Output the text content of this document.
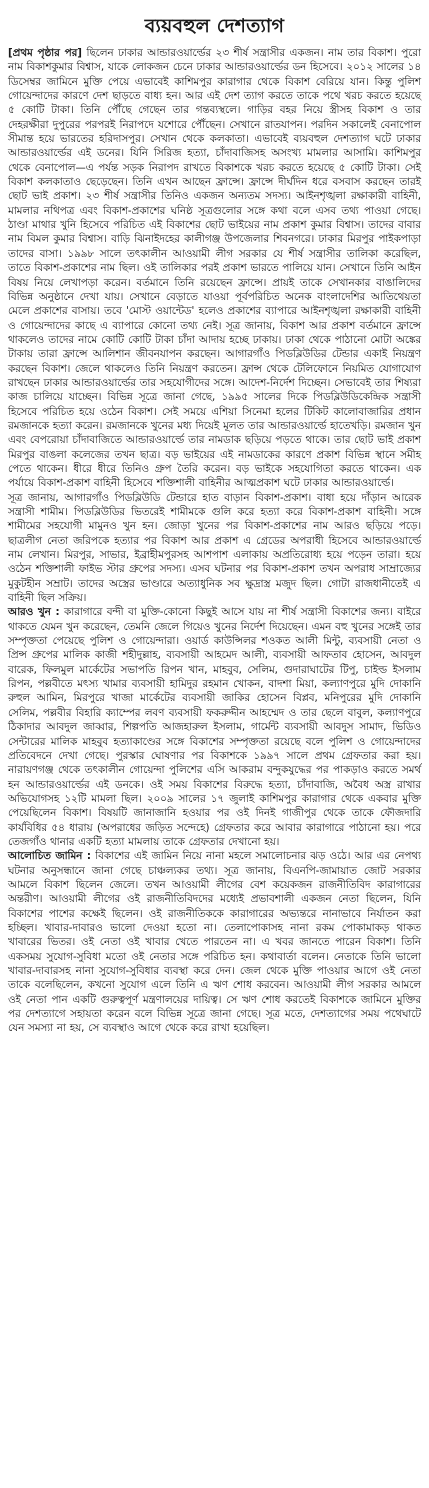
ব্যয়বহুল দেশত্যাগ

[প্রথম পৃষ্ঠার পর] ছিলেন ঢাকার আন্ডারওয়ার্ল্ডের ২৩ শীর্ষ সন্ত্রাসীর একজন। নাম তার বিকাশ। পুরো নাম বিকাশকুমার বিশ্বাস, যাকে লোকজন চেনে ঢাকার আন্ডারওয়ার্ল্ডের ডন হিসেবে। ২০১২ সালের ১৪ ডিসেম্বর জামিনে মুক্তি পেয়ে এভাবেই কাশিমপুর কারাগার থেকে বিকাশ বেরিয়ে যান। কিন্তু পুলিশ গোয়েন্দাদের কারণে দেশ ছাড়তে বাধ্য হন। আর এই দেশ ত্যাগ করতে তাকে পথে খরচ করতে হয়েছে ৫ কোটি টাকা। তিনি পৌঁছে গেছেন তার গন্তব্যস্থলে। গাড়ির বহর নিয়ে স্ত্রীসহ বিকাশ ও তার দেহরক্ষীরা দুপুরের পরপরই নিরাপদে যশোরে পৌঁছেন। সেখানে রাতযাপন। পরদিন সকালেই বেনাপোল সীমান্ত হয়ে ভারতের হরিদাসপুর। সেখান থেকে কলকাতা। এভাবেই ব্যয়বহুল দেশত্যাগ ঘটে ঢাকার আন্ডারওয়ার্ল্ডের এই ডনের। যিনি সিরিজ হত্যা, চাঁদাবাজিসহ অসংখ্য মামলার আসামি। কাশিমপুর থেকে বেনাপোল—এ পর্যন্ত সড়ক নিরাপদ রাখতে বিকাশকে খরচ করতে হয়েছে ৫ কোটি টাকা। সেই বিকাশ কলকাতাও ছেড়েছেন। তিনি এখন আছেন ফ্রান্সে। ফ্রান্সে দীর্ঘদিন ধরে বসবাস করছেন তারই ছোট ভাই প্রকাশ। ২৩ শীর্ষ সন্ত্রাসীর তিনিও একজন অন্যতম সদস্য। আইনশৃঙ্খলা রক্ষাকারী বাহিনী, মামলার নথিপত্র এবং বিকাশ-প্রকাশের ঘনিষ্ঠ সূত্রগুলোর সঙ্গে কথা বলে এসব তথ্য পাওয়া গেছে। ঠাণ্ডা মাথার খুনি হিসেবে পরিচিত এই বিকাশের ছোট ভাইয়ের নাম প্রকাশ কুমার বিশ্বাস। তাদের বাবার নাম বিমল কুমার বিশ্বাস। বাড়ি ঝিনাইদহের কালীগঞ্জ উপজেলার শিবনগরে। ঢাকার মিরপুর পাইকপাড়া তাদের বাসা। ১৯৯৮ সালে তৎকালীন আওয়ামী লীগ সরকার যে শীর্ষ সন্ত্রাসীর তালিকা করেছিল, তাতে বিকাশ-প্রকাশের নাম ছিল। ওই তালিকার পরই প্রকাশ ভারতে পালিয়ে যান। সেখানে তিনি আইন বিষয় নিয়ে লেখাপড়া করেন। বর্তমানে তিনি রয়েছেন ফ্রান্সে। প্রায়ই তাকে সেখানকার বাঙালিদের বিভিন্ন অনুষ্ঠানে দেখা যায়। সেখানে বেড়াতে যাওয়া পূর্বপরিচিত অনেক বাংলাদেশির আতিথেয়তা মেলে প্রকাশের বাসায়। তবে 'মোস্ট ওয়ান্টেড' হলেও প্রকাশের ব্যাপারে আইনশৃঙ্খলা রক্ষাকারী বাহিনী ও গোয়েন্দাদের কাছে এ ব্যাপারে কোনো তথ্য নেই। সূত্র জানায়, বিকাশ আর প্রকাশ বর্তমানে ফ্রান্সে থাকলেও তাদের নামে কোটি কোটি টাকা চাঁদা আদায় হচ্ছে ঢাকায়। ঢাকা থেকে পাঠানো মোটা অঙ্কের টাকায় তারা ফ্রান্সে আলিশান জীবনযাপন করছেন। আগারগাঁও পিডব্লিউডির টেন্ডার একাই নিয়ন্ত্রণ করছেন বিকাশ। জেলে থাকলেও তিনি নিয়ন্ত্রণ করতেন। ফ্রান্স থেকে টেলিফোনে নিয়মিত যোগাযোগ রাখছেন ঢাকার আন্ডারওয়ার্ল্ডের তার সহযোগীদের সঙ্গে। আদেশ-নির্দেশ দিচ্ছেন। সেভাবেই তার শিষ্যরা কাজ চালিয়ে যাচ্ছেন। বিভিন্ন সূত্রে জানা গেছে, ১৯৯৫ সালের দিকে পিডব্লিউডিকেন্দ্রিক সন্ত্রাসী হিসেবে পরিচিত হয়ে ওঠেন বিকাশ। সেই সময়ে এশিয়া সিনেমা হলের টিকিট কালোবাজারির প্রধান রমজানকে হত্যা করেন। রমজানকে খুনের মধ্য দিয়েই মূলত তার আন্ডারওয়ার্ল্ডে হাতেখড়ি। রমজান খুন এবং বেপরোয়া চাঁদাবাজিতে আন্ডারওয়ার্ল্ডে তার নামডাক ছড়িয়ে পড়তে থাকে। তার ছোট ভাই প্রকাশ মিরপুর বাঙলা কলেজের তখন ছাত্র। বড় ভাইয়ের এই নামডাকের কারণে প্রকাশ বিভিন্ন স্থানে সমীহ পেতে থাকেন। ধীরে ধীরে তিনিও গ্রুপ তৈরি করেন। বড় ভাইকে সহযোগিতা করতে থাকেন। এক পর্যায়ে বিকাশ-প্রকাশ বাহিনী হিসেবে শক্তিশালী বাহিনীর আত্মপ্রকাশ ঘটে ঢাকার আন্ডারওয়ার্ল্ডে।

সূত্র জানায়, আগারগাঁও পিডব্লিউডি টেন্ডারে হাত বাড়ান বিকাশ-প্রকাশ। বাধা হয়ে দাঁড়ান আরেক সন্ত্রাসী শামীম। পিডব্লিউডির ভিতরেই শামীমকে গুলি করে হত্যা করে বিকাশ-প্রকাশ বাহিনী। সঙ্গে শামীমের সহযোগী মামুনও খুন হন। জোড়া খুনের পর বিকাশ-প্রকাশের নাম আরও ছড়িয়ে পড়ে। ছাত্রলীগ নেতা জরিপকে হত্যার পর বিকাশ আর প্রকাশ এ গ্রেডের অপরাধী হিসেবে আন্ডারওয়ার্ল্ডে নাম লেখান। মিরপুর, সাভার, ইব্রাহীমপুরসহ আশপাশ এলাকায় অপ্রতিরোধ্য হয়ে পড়েন তারা। হয়ে ওঠেন শক্তিশালী ফাইভ স্টার গ্রুপের সদস্য। এসব ঘটনার পর বিকাশ-প্রকাশ তখন অপরাধ সাম্রাজ্যের মুকুটহীন সম্রাট। তাদের অস্ত্রের ভাণ্ডারে অত্যাধুনিক সব ক্ষুদ্রাস্ত্র মজুদ ছিল। গোটা রাজধানীতেই এ বাহিনী ছিল সক্রিয়।

আরও খুন : কারাগারে বন্দী বা মুক্তি-কোনো কিছুই আসে যায় না শীর্ষ সন্ত্রাসী বিকাশের জন্য। বাইরে থাকতে যেমন খুন করেছেন, তেমনি জেলে গিয়েও খুনের নির্দেশ দিয়েছেন। এমন বহু খুনের সঙ্গেই তার সম্পৃক্ততা পেয়েছে পুলিশ ও গোয়েন্দারা। ওয়ার্ড কাউন্সিলর শওকত আলী মিন্টু, ব্যবসায়ী নেতা ও প্রিন্স গ্রুপের মালিক কাজী শহীদুল্লাহ, ব্যবসায়ী আহমেদ আলী, ব্যবসায়ী আফতাব হোসেন, আবদুল বারেক, ফিলমুল মার্কেটের সভাপতি রিপন খান, মাহবুব, সেলিম, গুদারাঘাটের টিপু, চাইল্ড ইসলাম রিপন, পল্লবীতে মৎস্য খামার ব্যবসায়ী হামিদুর রহমান খোকন, বাদশা মিয়া, কল্যাণপুরে মুদি দোকানি রুহুল আমিন, মিরপুরে খাজা মার্কেটের ব্যবসায়ী জাকির হোসেন বিপ্লব, মনিপুরের মুদি দোকানি সেলিম, পল্লবীর বিহারি ক্যাম্পের লবণ ব্যবসায়ী ফকরুদ্দীন আহম্মেদ ও তার ছেলে বাবুল, কল্যাণপুরে ঠিকাদার আবদুল জাব্বার, শিল্পপতি আজহারুল ইসলাম, গার্মেন্ট ব্যবসায়ী আবদুস সামাদ, ভিডিও সেন্টারের মালিক মাহবুব হত্যাকাণ্ডের সঙ্গে বিকাশের সম্পৃক্ততা রয়েছে বলে পুলিশ ও গোয়েন্দাদের প্রতিবেদনে দেখা গেছে। পুরস্কার ঘোষণার পর বিকাশকে ১৯৯৭ সালে প্রথম গ্রেফতার করা হয়। নারায়ণগঞ্জ থেকে তৎকালীন গোয়েন্দা পুলিশের এসি আকরাম বন্দুকযুদ্ধের পর পাকড়াও করতে সমর্থ হন আন্ডারওয়ার্ল্ডের এই ডনকে। ওই সময় বিকাশের বিরুদ্ধে হত্যা, চাঁদাবাজি, অবৈধ অস্ত্র রাখার অভিযোগসহ ১২টি মামলা ছিল। ২০০৯ সালের ১৭ জুলাই কাশিমপুর কারাগার থেকে একবার মুক্তি পেয়েছিলেন বিকাশ। বিষয়টি জানাজানি হওয়ার পর ওই দিনই গাজীপুর থেকে তাকে ফৌজদারি কার্যবিধির ৫৪ ধারায় (অপরাধের জড়িত সন্দেহে) গ্রেফতার করে আবার কারাগারে পাঠানো হয়। পরে তেজগাঁও থানার একটি হত্যা মামলায় তাকে গ্রেফতার দেখানো হয়।

আলোচিত জামিন : বিকাশের এই জামিন নিয়ে নানা মহলে সমালোচনার ঝড় ওঠে। আর এর নেপথ্য ঘটনার অনুসন্ধানে জানা গেছে চাঞ্চল্যকর তথ্য। সূত্র জানায়, বিএনপি-জামায়াত জোট সরকার আমলে বিকাশ ছিলেন জেলে। তখন আওয়ামী লীগের বেশ কয়েকজন রাজনীতিবিদ কারাগারের অন্তরীণ। আওয়ামী লীগের ওই রাজনীতিবিদদের মধ্যেই প্রভাবশালী একজন নেতা ছিলেন, যিনি বিকাশের পাশের কক্ষেই ছিলেন। ওই রাজনীতিককে কারাগারের অভ্যন্তরে নানাভাবে নির্যাতন করা হচ্ছিল। খাবার-দাবারও ভালো দেওয়া হতো না। তেলাপোকাসহ নানা রকম পোকামাকড় থাকত খাবারের ভিতর। ওই নেতা ওই খাবার খেতে পারতেন না। এ খবর জানতে পারেন বিকাশ। তিনি একসময় সুযোগ-সুবিধা মতো ওই নেতার সঙ্গে পরিচিত হন। কথাবার্তা বলেন। নেতাকে তিনি ভালো খাবার-দাবারসহ নানা সুযোগ-সুবিধার ব্যবস্থা করে দেন। জেল থেকে মুক্তি পাওয়ার আগে ওই নেতা তাকে বলেছিলেন, কখনো সুযোগ এলে তিনি এ ঋণ শোধ করবেন। আওয়ামী লীগ সরকার আমলে ওই নেতা পান একটি গুরুত্বপূর্ণ মন্ত্রণালয়ের দায়িত্ব। সে ঋণ শোধ করতেই বিকাশকে জামিনে মুক্তির পর দেশত্যাগে সহায়তা করেন বলে বিভিন্ন সূত্রে জানা গেছে। সূত্র মতে, দেশত্যাগের সময় পথেঘাটে যেন সমস্যা না হয়, সে ব্যবস্থাও আগে থেকে করে রাখা হয়েছিল।
